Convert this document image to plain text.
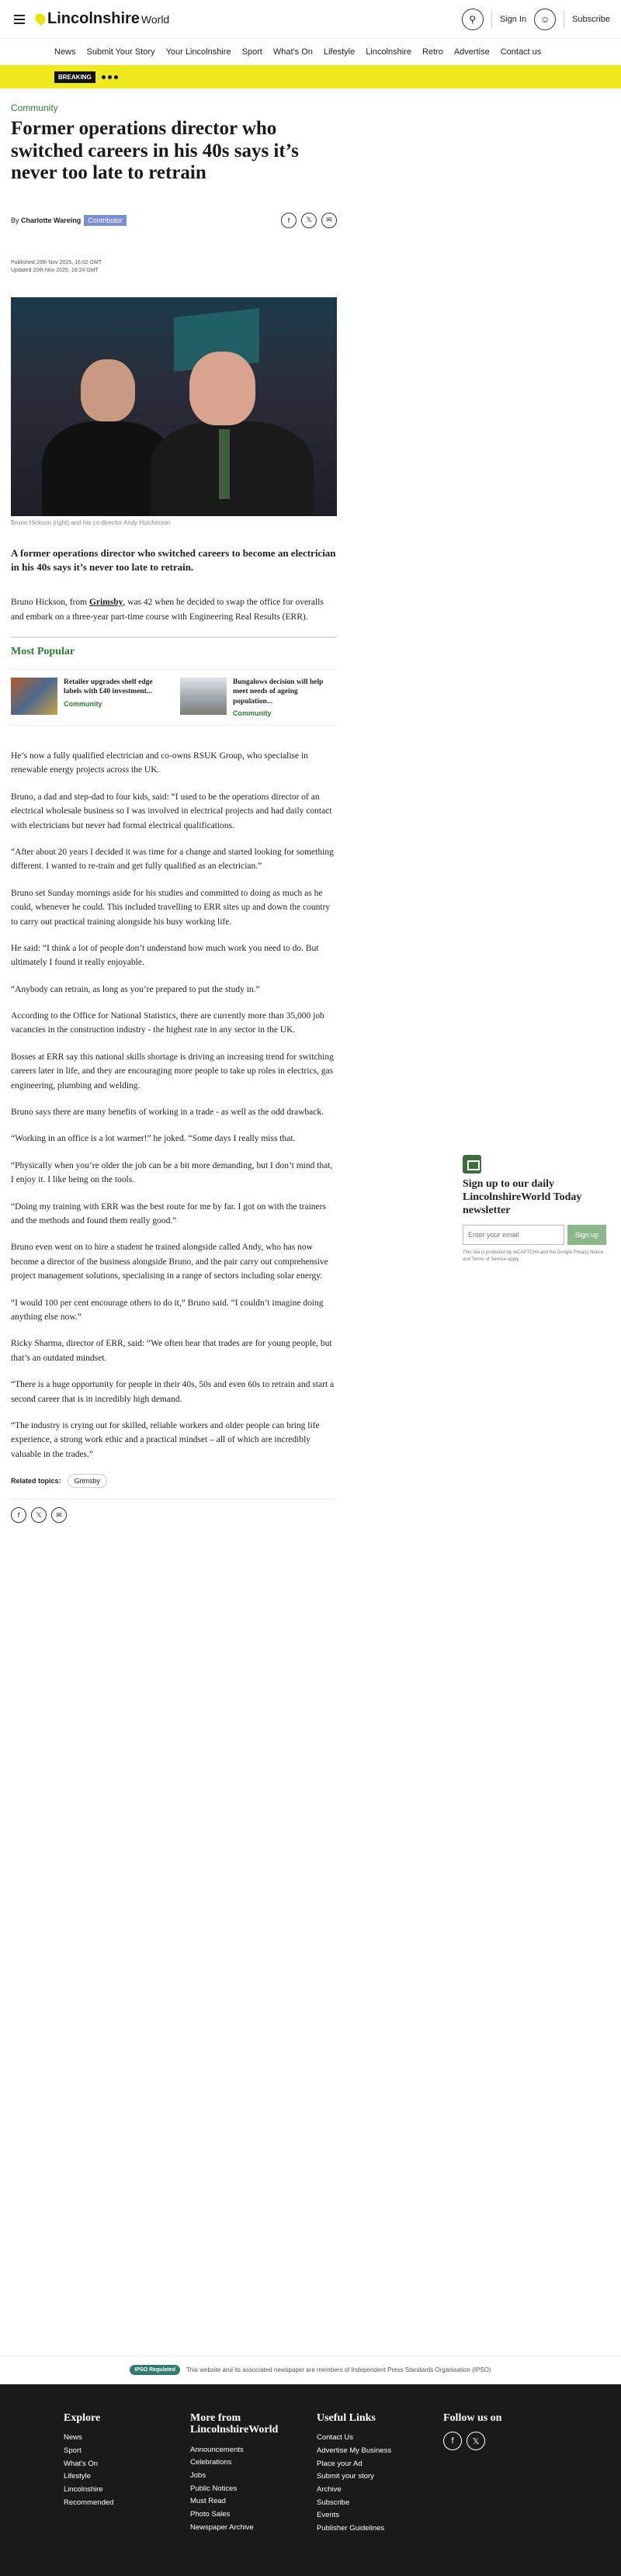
Lincolnshire World	⚲	Sign In	☺	Subscribe
News Submit Your Story Your Lincolnshire Sport What's On Lifestyle Lincolnshire Retro Advertise Contact us
BREAKING
Community
Former operations director who switched careers in his 40s says it’s never too late to retrain
By Charlotte Wareing	Contributor	f	𝕏	✉
Published 20th Nov 2025, 16:02 GMT
Updated 20th Nov 2025, 16:24 GMT
Bruno Hickson (right) and his co-director Andy Hutchinson
A former operations director who switched careers to become an electrician in his 40s says it’s never too late to retrain.

Bruno Hickson, from Grimsby, was 42 when he decided to swap the office for overalls and embark on a three-year part-time course with Engineering Real Results (ERR).

Most Popular
Retailer upgrades shelf edge labels with £40 investment...
Community
Bungalows decision will help meet needs of ageing population...
Community

He’s now a fully qualified electrician and co-owns RSUK Group, who specialise in renewable energy projects across the UK.

Bruno, a dad and step-dad to four kids, said: “I used to be the operations director of an electrical wholesale business so I was involved in electrical projects and had daily contact with electricians but never had formal electrical qualifications.

“After about 20 years I decided it was time for a change and started looking for something different. I wanted to re-train and get fully qualified as an electrician.”

Bruno set Sunday mornings aside for his studies and committed to doing as much as he could, whenever he could. This included travelling to ERR sites up and down the country to carry out practical training alongside his busy working life.

He said: “I think a lot of people don’t understand how much work you need to do. But ultimately I found it really enjoyable.

“Anybody can retrain, as long as you’re prepared to put the study in.”

According to the Office for National Statistics, there are currently more than 35,000 job vacancies in the construction industry - the highest rate in any sector in the UK.

Bosses at ERR say this national skills shortage is driving an increasing trend for switching careers later in life, and they are encouraging more people to take up roles in electrics, gas engineering, plumbing and welding.

Bruno says there are many benefits of working in a trade - as well as the odd drawback.

“Working in an office is a lot warmer!” he joked. “Some days I really miss that.

“Physically when you’re older the job can be a bit more demanding, but I don’t mind that, I enjoy it. I like being on the tools.

“Doing my training with ERR was the best route for me by far. I got on with the trainers and the methods and found them really good.”

Bruno even went on to hire a student he trained alongside called Andy, who has now become a director of the business alongside Bruno, and the pair carry out comprehensive project management solutions, specialising in a range of sectors including solar energy.

“I would 100 per cent encourage others to do it,” Bruno said. “I couldn’t imagine doing anything else now.”

Ricky Sharma, director of ERR, said: “We often hear that trades are for young people, but that’s an outdated mindset.

“There is a huge opportunity for people in their 40s, 50s and even 60s to retrain and start a second career that is in incredibly high demand.

“The industry is crying out for skilled, reliable workers and older people can bring life experience, a strong work ethic and a practical mindset – all of which are incredibly valuable in the trades.”

Related topics:	Grimsby
f	𝕏	✉
Sign up to our daily LincolnshireWorld Today newsletter
Enter your email
Sign up
This site is protected by reCAPTCHA and the Google Privacy Notice and Terms of Service apply.
IPSO Regulated	This website and its associated newspaper are members of Independent Press Standards Organisation (IPSO)
Explore
News
Sport
What's On
Lifestyle
Lincolnshire
Recommended
More from LincolnshireWorld
Announcements
Celebrations
Jobs
Public Notices
Must Read
Photo Sales
Newspaper Archive
Useful Links
Contact Us
Advertise My Business
Place your Ad
Submit your story
Archive
Subscribe
Events
Publisher Guidelines
Follow us on
f	𝕏
